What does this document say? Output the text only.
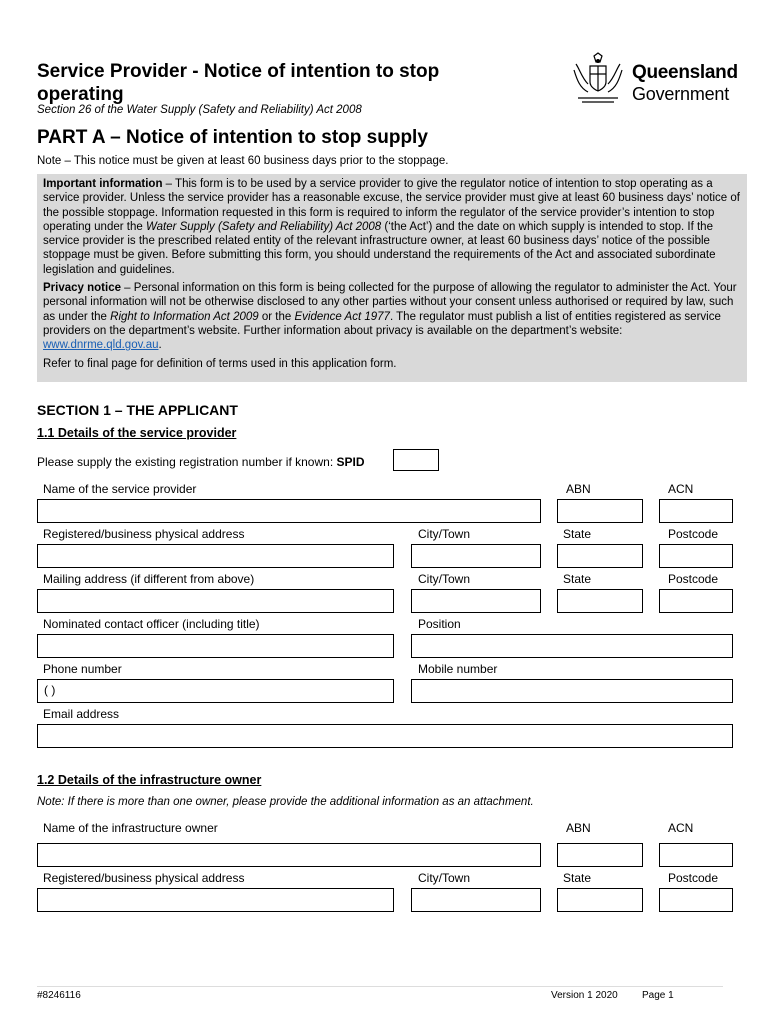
Service Provider - Notice of intention to stop operating
Section 26 of the Water Supply (Safety and Reliability) Act 2008
Queensland
Government
PART A – Notice of intention to stop supply
Note – This notice must be given at least 60 business days prior to the stoppage.

Important information – This form is to be used by a service provider to give the regulator notice of intention to stop operating as a service provider. Unless the service provider has a reasonable excuse, the service provider must give at least 60 business days’ notice of the possible stoppage. Information requested in this form is required to inform the regulator of the service provider’s intention to stop operating under the Water Supply (Safety and Reliability) Act 2008 (‘the Act’) and the date on which supply is intended to stop. If the service provider is the prescribed related entity of the relevant infrastructure owner, at least 60 business days’ notice of the possible stoppage must be given. Before submitting this form, you should understand the requirements of the Act and associated subordinate legislation and guidelines.

Privacy notice – Personal information on this form is being collected for the purpose of allowing the regulator to administer the Act. Your personal information will not be otherwise disclosed to any other parties without your consent unless authorised or required by law, such as under the Right to Information Act 2009 or the Evidence Act 1977. The regulator must publish a list of entities registered as service providers on the department’s website. Further information about privacy is available on the department’s website: www.dnrme.qld.gov.au.

Refer to final page for definition of terms used in this application form.

SECTION 1 – THE APPLICANT
1.1 Details of the service provider
Please supply the existing registration number if known: SPID
Name of the service provider	ABN	ACN
Registered/business physical address	City/Town	State	Postcode
Mailing address (if different from above)	City/Town	State	Postcode
Nominated contact officer (including title)	Position
Phone number	Mobile number
( )
Email address
1.2 Details of the infrastructure owner
Note: If there is more than one owner, please provide the additional information as an attachment.
Name of the infrastructure owner	ABN	ACN
Registered/business physical address	City/Town	State	Postcode
#8246116	Version 1 2020 Page 1
